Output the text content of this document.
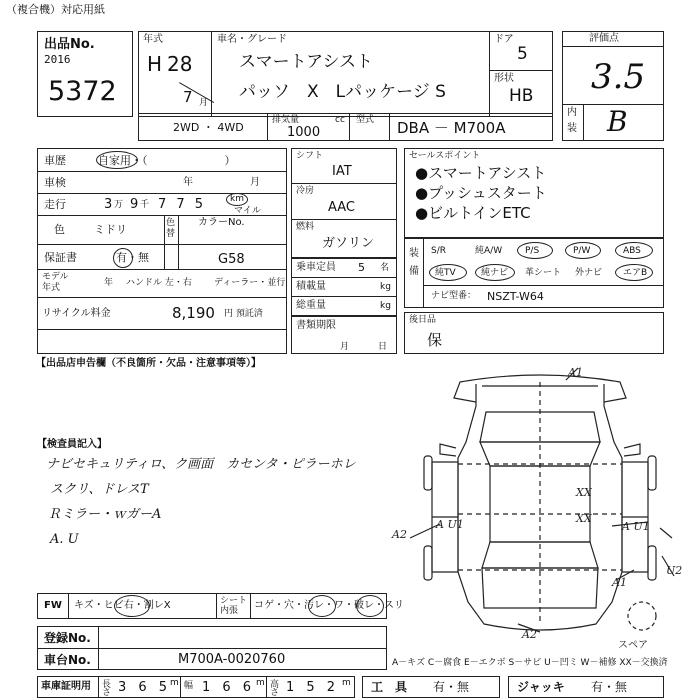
（複合機）対応用紙
出品No.
2016
5372
年式
H 28
7 月
車名・グレード
スマートアシスト
パッソ　X　Lパッケージ S
ドア
5
形状
HB
評価点
3.5
内
装 B
2WD ・ 4WD
排気量
1000
cc 型式 DBA － M700A
車歴	自家用・（　　　　　　　）
車検	年	月
走行	3 万 9 千 7 7 5	km
マイル
色	ミドリ	色替
カラーNo.
G58
保証書	有・無
モデル
年式	年 ハンドル 左・右 ディーラー・並行
リサイクル料金	8,190 円 預託済
【出品店申告欄（不良箇所・欠品・注意事項等）】
シフト
IAT
冷房
AAC
燃料
ガソリン
乗車定員 5 名
積載量	kg
総重量	kg
書類期限
月	日
セールスポイント
●スマートアシスト
●プッシュスタート
●ビルトインETC
装
備
S/R	純A/W	P/S	P/W	ABS
純TV	純ナビ 革シート 外ナビ エアB
ナビ型番： NSZT-W64
後日品
保
【検査員記入】
ナビセキュリティロ、ク画面　カセンタ・ピラーホレ
スクリ、ドレスT
Ｒミラー・ｗガーA
A. U
A1
A2
A U1
XX
XX
A U1
A1
U2
A2
スペア
FW キズ・ヒビ右・割レX	シート内張	コゲ・穴・汚レ・ワ・破レ・スリ
登録No.
車台No.	M700A-0020760	A－キズ C－腐食 E－エクボ S－サビ U－凹ミ W－補修 XX－交換済
車庫証明用 長さ 3 6 5
m 幅 1 6 6 m 高さ 1 5 2 m 工　具 有・無	ジャッキ 有・無
